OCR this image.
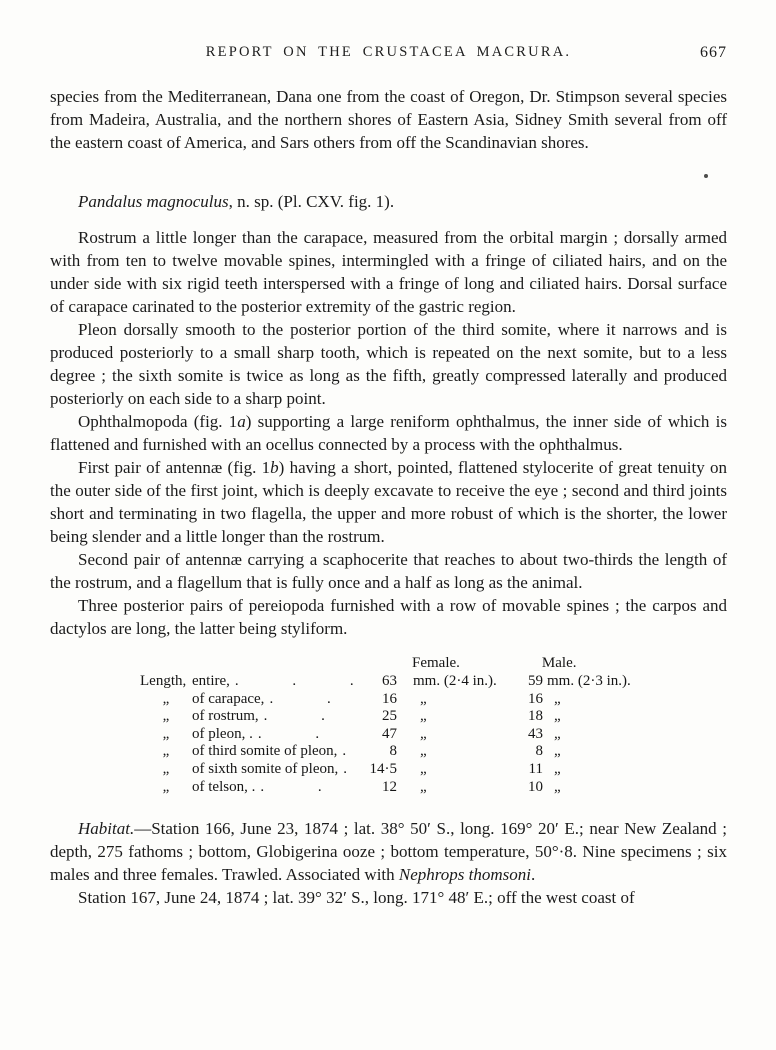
REPORT ON THE CRUSTACEA MACRURA.	667

species from the Mediterranean, Dana one from the coast of Oregon, Dr. Stimpson several species from Madeira, Australia, and the northern shores of Eastern Asia, Sidney Smith several from off the eastern coast of America, and Sars others from off the Scandinavian shores.

Pandalus magnoculus, n. sp. (Pl. CXV. fig. 1).

Rostrum a little longer than the carapace, measured from the orbital margin ; dorsally armed with from ten to twelve movable spines, intermingled with a fringe of ciliated hairs, and on the under side with six rigid teeth interspersed with a fringe of long and ciliated hairs. Dorsal surface of carapace carinated to the posterior extremity of the gastric region.

Pleon dorsally smooth to the posterior portion of the third somite, where it narrows and is produced posteriorly to a small sharp tooth, which is repeated on the next somite, but to a less degree ; the sixth somite is twice as long as the fifth, greatly compressed laterally and produced posteriorly on each side to a sharp point.

Ophthalmopoda (fig. 1a) supporting a large reniform ophthalmus, the inner side of which is flattened and furnished with an ocellus connected by a process with the ophthalmus.

First pair of antennæ (fig. 1b) having a short, pointed, flattened stylocerite of great tenuity on the outer side of the first joint, which is deeply excavate to receive the eye ; second and third joints short and terminating in two flagella, the upper and more robust of which is the shorter, the lower being slender and a little longer than the rostrum.

Second pair of antennæ carrying a scaphocerite that reaches to about two-thirds the length of the rostrum, and a flagellum that is fully once and a half as long as the animal.

Three posterior pairs of pereiopoda furnished with a row of movable spines ; the carpos and dactylos are long, the latter being styliform.

Female.	Male.
Length, entire, . . .	63	mm. (2·4 in.).	59 mm. (2·3 in.).
„	of carapace, . .	16	„	16 „
„	of rostrum, . .	25	„	18 „
„	of pleon, . . .	47	„	43 „
„	of third somite of pleon, .	8	„	8 „
„	of sixth somite of pleon, .	14·5	„	11 „
„	of telson, . . .	12	„	10 „

Habitat.—Station 166, June 23, 1874 ; lat. 38° 50′ S., long. 169° 20′ E.; near New Zealand ; depth, 275 fathoms ; bottom, Globigerina ooze ; bottom temperature, 50°·8. Nine specimens ; six males and three females. Trawled. Associated with Nephrops thomsoni.

Station 167, June 24, 1874 ; lat. 39° 32′ S., long. 171° 48′ E.; off the west coast of
